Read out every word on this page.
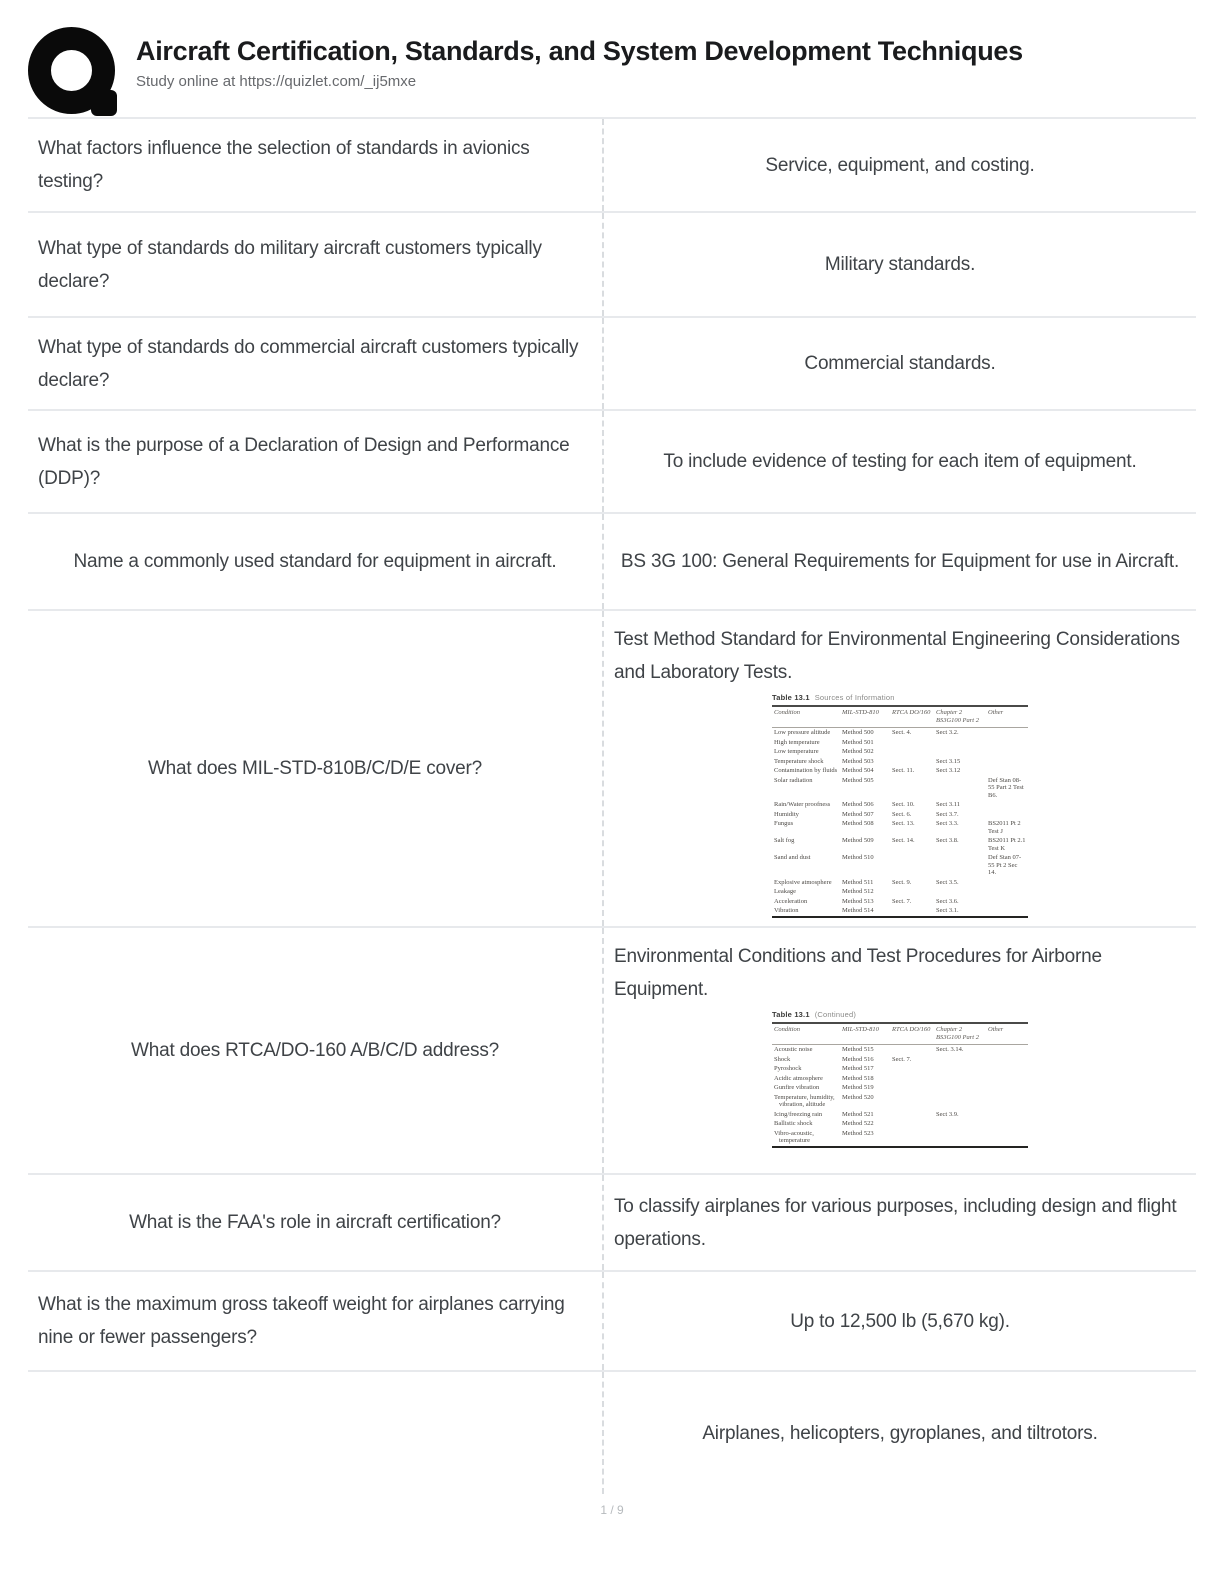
Aircraft Certification, Standards, and System Development Techniques
Study online at https://quizlet.com/_ij5mxe
What factors influence the selection of standards in avionics testing?
Service, equipment, and costing.
What type of standards do military aircraft customers typically declare?
Military standards.
What type of standards do commercial aircraft customers typically declare?
Commercial standards.
What is the purpose of a Declaration of Design and Performance (DDP)?
To include evidence of testing for each item of equipment.
Name a commonly used standard for equipment in aircraft.	BS 3G 100: General Requirements for Equipment for use in Aircraft.
What does MIL-STD-810B/C/D/E cover?
Test Method Standard for Environmental Engineering Considerations and Laboratory Tests.
Table 13.1 Sources of Information
Condition	MIL-STD-810	RTCA DO/160	Chapter 2 BS3G100 Part 2	Other
Low pressure altitude	Method 500	Sect. 4.	Sect 3.2.	
High temperature	Method 501			
Low temperature	Method 502			
Temperature shock	Method 503		Sect 3.15	
Contamination by fluids	Method 504	Sect. 11.	Sect 3.12	
Solar radiation	Method 505			Def Stan 08-55 Part 2 Test B6.
Rain/Water proofness	Method 506	Sect. 10.	Sect 3.11	
Humidity	Method 507	Sect. 6.	Sect 3.7.	
Fungus	Method 508	Sect. 13.	Sect 3.3.	BS2011 Pt 2 Test J
Salt fog	Method 509	Sect. 14.	Sect 3.8.	BS2011 Pt 2.1 Test K
Sand and dust	Method 510			Def Stan 07-55 Pt 2 Sec 14.
Explosive atmosphere	Method 511	Sect. 9.	Sect 3.5.	
Leakage	Method 512			
Acceleration	Method 513	Sect. 7.	Sect 3.6.	
Vibration	Method 514		Sect 3.1.	
What does RTCA/DO-160 A/B/C/D address?
Environmental Conditions and Test Procedures for Airborne Equipment.
Table 13.1 (Continued)
Condition	MIL-STD-810	RTCA DO/160	Chapter 2 BS3G100 Part 2	Other
Acoustic noise	Method 515		Sect. 3.14.	
Shock	Method 516	Sect. 7.		
Pyroshock	Method 517			
Acidic atmosphere	Method 518			
Gunfire vibration	Method 519			
Temperature, humidity, vibration, altitude	Method 520			
Icing/freezing rain	Method 521		Sect 3.9.	
Ballistic shock	Method 522			
Vibro-acoustic, temperature	Method 523			
What is the FAA's role in aircraft certification?
To classify airplanes for various purposes, including design and flight operations.
What is the maximum gross takeoff weight for airplanes carrying nine or fewer passengers?
Up to 12,500 lb (5,670 kg).
Airplanes, helicopters, gyroplanes, and tiltrotors.
1 / 9
